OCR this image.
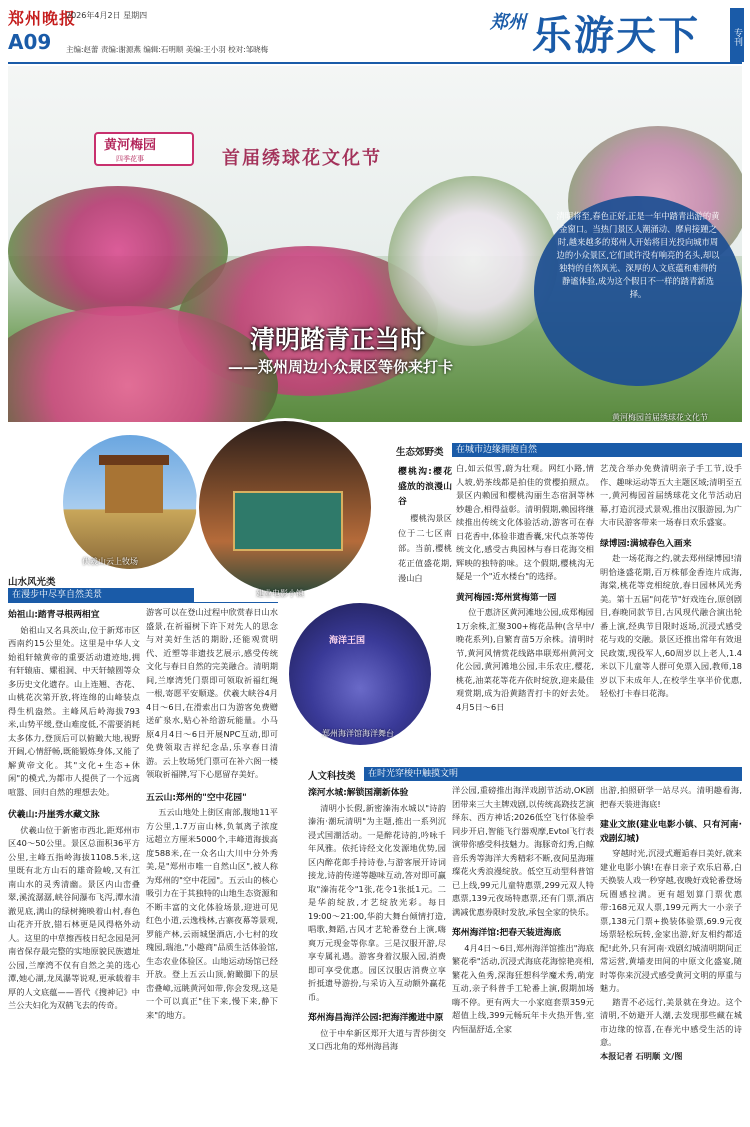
郑州晚报
A09
2026年4月2日 星期四
主编:赵蕾 责编:谢源燕 编辑:石明顺 美编:王小羽 校对:邹晓梅
郑州 乐游天下	专刊
黄河梅园
四季花事	首届绣球花文化节

清明将至,春色正好,正是一年中踏青出游的黄金窗口。当热门景区人潮涌动、摩肩接踵之时,越来越多的郑州人开始将目光投向城市周边的小众景区,它们或许没有响亮的名头,却以独特的自然风光、深厚的人文底蕴和难得的静谧体验,成为这个假日不一样的踏青新选择。

清明踏青正当时
——郑州周边小众景区等你来打卡
黄河梅园首届绣球花文化节
伏羲山云上牧场
建业电影小镇
海洋王国
郑州海洋馆海洋舞台
山水风光类
在漫步中尽享自然美景
生态郊野类	在城市边缘拥抱自然
人文科技类	在时光穿梭中触摸文明
始祖山:踏青寻根两相宜

始祖山又名具茨山,位于新郑市区西南约15公里处。这里是中华人文始祖轩辕黄帝的重要活动遗迹地,拥有轩辕庙、嫘祖洞、中天轩辕圆等众多历史文化遗存。山上连翘、杏花、山桃花次第开放,将连绵的山峰装点得生机盎然。主峰风后岭海拔793米,山势平缓,登山难度低,不需要消耗太多体力,登顶后可以俯瞰大地,视野开阔,心情舒畅,既能锻炼身体,又能了解黄帝文化。其"文化+生态+休闲"的模式,为都市人提供了一个远离喧嚣、回归自然的理想去处。

伏羲山:丹崖秀水藏文脉

伏羲山位于新密市西北,距郑州市区40～50公里。景区总面积36平方公里,主峰五指岭海拔1108.5米,这里既有北方山石的雄奇险峻,又有江南山水的灵秀清幽。景区内山峦叠翠,溪流潺潺,峡谷间瀑布飞泻,潭水清澈见底,满山的绿树掩映着山村,春色山花齐开放,错石林更是风得格外动人。这里的中草擦西枝日纪念园是河南省保存最完整的实地原貌民族遗址公园,兰摩湾不仅有自然之美的选心潭,她心湖,龙凤瀑等说观,更承载着丰厚的人文底蕴——晋代《搜神记》中兰公夫妇化为双鹤飞去的传奇。

游客可以在登山过程中欣赏春日山水盛景,在祈福树下许下对先人的思念与对美好生活的期盼,还能观赏明代、近塑等非遗技艺展示,感受传统文化与春日自然的完美融合。清明期间,兰摩湾凭门票即可领取祈福红绳一根,寄愿平安顺遂。伏羲大峡谷4月4日～6日,在滑索出口为游客免费赠送矿泉水,贴心补给游玩能量。小马原4月4日～6日开展NPC互动,即可免费领取吉祥纪念品,乐享春日清游。云上牧场凭门票可在补六阁一楼领取祈福牌,写下心愿留存美好。

五云山:郑州的"空中花园"

五云山地处上街区南部,腹地11平方公里,1.7万亩山林,负氧离子浓度远超立方厘米5000个,丰峰道海拔高度588米,在一众名山大川中分外秀美,是"郑州市唯一自然山区",被人称为郑州的"空中花园"。五云山的核心吸引力在于其独特的山地生态资源和不断丰富的文化体验场景,迎进可见红色小道,云逸栈林,古寨夜幕等景观,罗能产林,云雨城堡酒店,小七村的玫瑰园,瑞池,"小趣商"品质生活体验馆,生态农业体验区。山地运动场馆已经开放。登上五云山顶,俯瞰脚下的层峦叠嶂,远眺黄河如带,你会发现,这是一个可以真正"住下来,慢下来,静下来"的地方。

樱桃沟:樱花盛放的浪漫山谷

樱桃沟景区位于二七区南部。当前,樱桃花正值盛花期,漫山白

白,如云似雪,蔚为壮观。网红小路,情人坡,奶茶线都是拍佳的赏樱拍照点。景区内赖园和樱桃沟丽生态宿洞等林妙趣合,相得益彰。清明假期,赖园将继续推出传统文化体验活动,游客可在春日花香中,体验非遗香囊,宋代点茶等传统文化,感受古典园林与春日花海交相辉映的独特韵味。这个假期,樱桃沟无疑是一个"近水楼台"的选择。

黄河梅园:郑州赏梅第一园

位于惠济区黄河滩地公园,成郑梅园1万余株,汇聚300+梅花品种(含早中/晚花系列),自繁育苗5万余株。清明时节,黄河风情赏花线路串联郑州黄河文化公园,黄河滩地公园,丰乐农庄,樱花,桃花,油菜花等花卉依时绽放,迎来最佳观赏期,成为沿黄踏青打卡的好去处。4月5日～6日

艺茂合举办免费清明亲子手工节,设手作、趣味运动等五大主题区域;清明至五一,黄河梅园首届绣球花文化节活动启幕,打造沉浸式景观,推出汉服游园,为广大市民游客带来一场春日欢乐盛宴。

绿博园:满城春色入画来

赴一场花海之约,就去郑州绿博园!清明恰逢盛花期,百万株郁金香连片成海,海棠,桃花等竞相绽放,春日园林风光秀美。第十五届"问花节"好戏连台,原创剧目,春晚同款节目,古风现代融合演出轮番上演,经典节目限时返场,沉浸式感受花与戏的交融。景区还推出常年有效退民政策,现役军人,60周岁以上老人,1.4米以下儿童等人群可免票入园,教师,18岁以下未成年人,在校学生享半价优惠,轻松打卡春日花海。

滦河水城:解锁国潮新体验

清明小长假,新密溱洧水城以"诗韵溱洧·潮玩清明"为主题,推出一系列沉浸式国潮活动。一是醉花诗韵,吟咏千年风雅。依托诗经文化发源地优势,园区内醉花郎手持诗卷,与游客展开诗词接龙,诗韵传递等趣味互动,答对即可赢取"溱洧花令"1张,花令1张抵1元。二是华韵绽放,才艺绽放光彩。每日19:00～21:00,华韵大舞台倾情打造,唱歌,舞蹈,古风才艺轮番登台上演,嗨爽万元现金等你拿。三是汉服开游,尽享专属礼遇。游客身着汉服入园,消费即可享受优惠。园区汉服店消费立享折抵遗导游扮,与采访入互动额外赢花币。

郑州海昌海洋公园:把海洋搬进中原

位于中牟新区郑开大道与青莎街交叉口西北角的郑州海昌海

洋公园,重磅推出海洋戏剧节活动,OK剧团带来三大主牌戏剧,以传统高跷技艺演绎东、西方神话;2026低空飞行体验季同步开启,智能飞行器观摩,Evtol飞行表演带你感受科技魅力。海豚奇幻秀,白鲸音乐秀等海洋大秀精彩不断,夜间星海璀璨花火秀浪漫绽放。低空互动型科普馆已上线,99元儿童特惠票,299元双人特惠票,139元夜场特惠票,还有门票,酒店满减优惠券限时发放,承包全家的快乐。

郑州海洋馆:把春天装进海底

4月4日～6日,郑州海洋馆推出"海底繁花季"活动,沉浸式海底花海惊艳亮相,繁花入鱼秀,深海狂想科学魔术秀,萌宠互动,亲子科普手工轮番上演,假期加场嗨不停。更有两大一小家庭套票359元超值上线,399元畅玩年卡火热开售,室内恒温舒适,全家

出游,拍照研学一站尽兴。清明趣看海,把春天装进海底!

建业文旅(建业电影小镇、只有河南·戏剧幻城)

穿越时光,沉浸式邂逅春日美好,就来建业电影小镇!在春日亲子欢乐启幕,白天换装人戏一秒穿越,夜晚好戏轮番登场玩圈感拉满。更有超划算门票优惠带:168元双人票,199元两大一小亲子票,138元门票+换装体验票,69.9元夜场票轻松玩转,金家出游,好友相约都适配!此外,只有河南·戏剧幻城清明期间正常运营,黄墙麦田间的中原文化盛宴,随时等你来沉浸式感受黄河文明的厚重与魅力。

踏青不必远行,美景就在身边。这个清明,不妨避开人潮,去发现那些藏在城市边缘的惊喜,在春光中感受生活的诗意。

本报记者 石明顺 文/图
